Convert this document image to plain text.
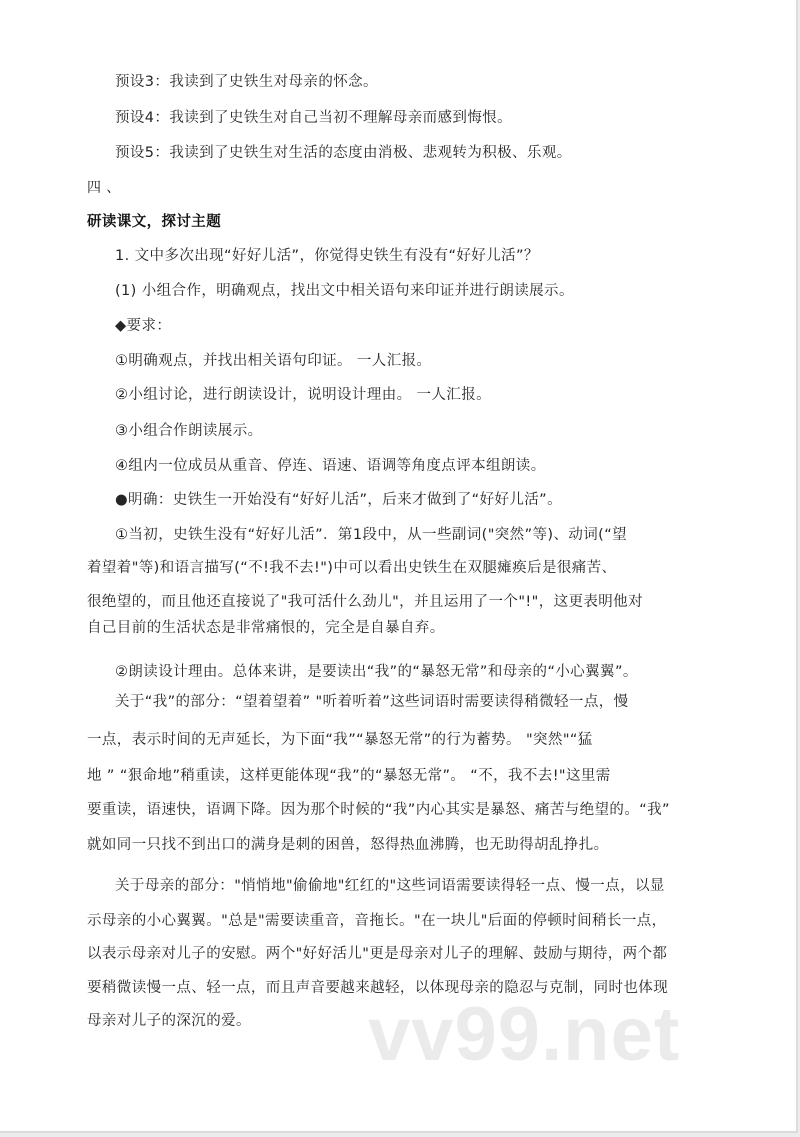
预设3：我读到了史铁生对母亲的怀念。
预设4：我读到了史铁生对自己当初不理解母亲而感到悔恨。
预设5：我读到了史铁生对生活的态度由消极、悲观转为积极、乐观。
四 、
研读课文，探讨主题
1. 文中多次出现“好好儿活”，你觉得史铁生有没有“好好儿活”？
(1) 小组合作，明确观点，找出文中相关语句来印证并进行朗读展示。
◆要求：
①明确观点，并找出相关语句印证。 一人汇报。
②小组讨论，进行朗读设计，说明设计理由。 一人汇报。
③小组合作朗读展示。
④组内一位成员从重音、停连、语速、语调等角度点评本组朗读。
●明确：史铁生一开始没有“好好儿活”，后来才做到了“好好儿活”。
①当初，史铁生没有“好好儿活”．第1段中，从一些副词("突然”等)、动词(“望
着望着"等)和语言描写(“不!我不去!")中可以看出史铁生在双腿瘫痪后是很痛苦、
很绝望的，而且他还直接说了"我可活什么劲儿"，并且运用了一个"!"，这更表明他对
自己目前的生活状态是非常痛恨的，完全是自暴自弃。
②朗读设计理由。总体来讲，是要读出“我”的“暴怒无常”和母亲的“小心翼翼”。
关于“我”的部分：“望着望着” "听着听着”这些词语时需要读得稍微轻一点，慢
一点，表示时间的无声延长，为下面“我”“暴怒无常”的行为蓄势。 "突然"“猛
地 ” “狠命地”稍重读，这样更能体现“我”的“暴怒无常”。 “不，我不去!"这里需
要重读，语速快，语调下降。因为那个时候的“我”内心其实是暴怒、痛苦与绝望的。“我”
就如同一只找不到出口的满身是刺的困兽，怒得热血沸腾，也无助得胡乱挣扎。
关于母亲的部分："悄悄地"偷偷地"红红的"这些词语需要读得轻一点、慢一点，以显
示母亲的小心翼翼。"总是"需要读重音，音拖长。"在一块儿"后面的停顿时间稍长一点，
以表示母亲对儿子的安慰。两个"好好活儿"更是母亲对儿子的理解、鼓励与期待，两个都
要稍微读慢一点、轻一点，而且声音要越来越轻，以体现母亲的隐忍与克制，同时也体现
母亲对儿子的深沉的爱。 vv99.net
